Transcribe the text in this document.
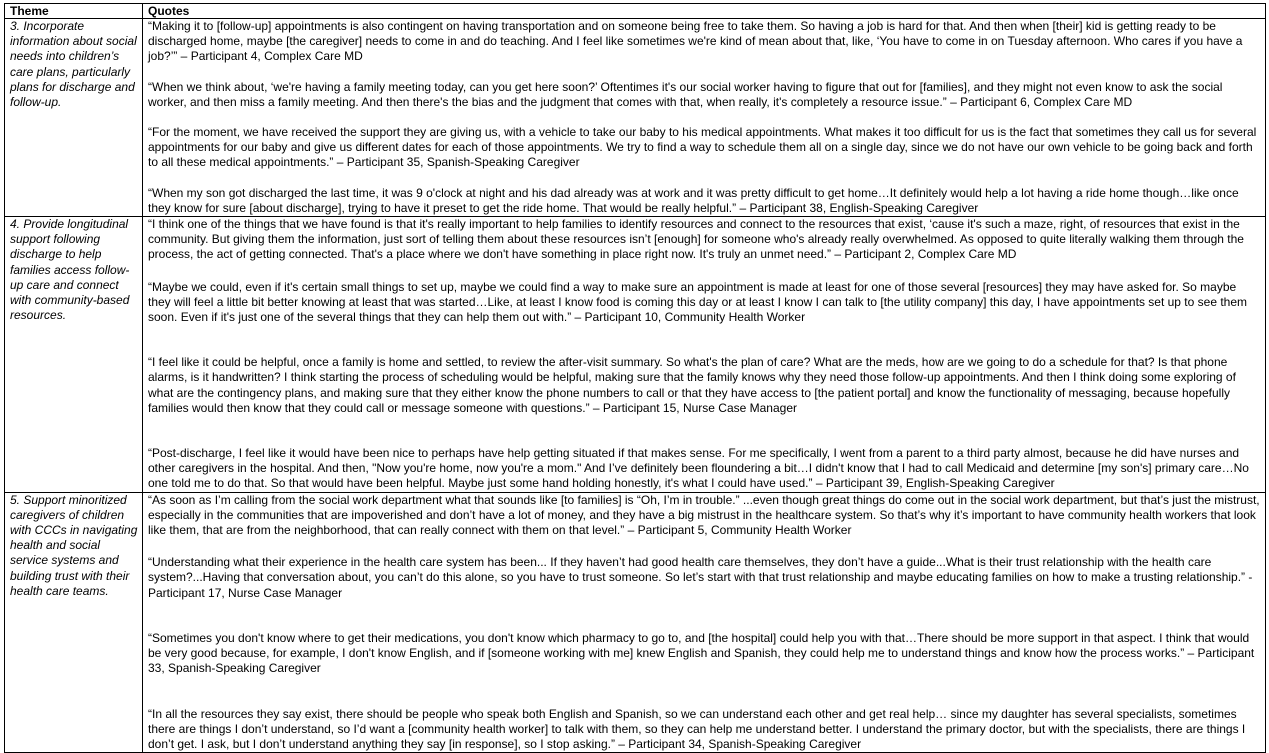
Theme	Quotes
3. Incorporate information about social needs into children’s care plans, particularly plans for discharge and follow-up.	“Making it to [follow-up] appointments is also contingent on having transportation and on someone being free to take them. So having a job is hard for that. And then when [their] kid is getting ready to be discharged home, maybe [the caregiver] needs to come in and do teaching. And I feel like sometimes we're kind of mean about that, like, ‘You have to come in on Tuesday afternoon. Who cares if you have a job?’” – Participant 4, Complex Care MD

“When we think about, ‘we're having a family meeting today, can you get here soon?’ Oftentimes it's our social worker having to figure that out for [families], and they might not even know to ask the social worker, and then miss a family meeting. And then there's the bias and the judgment that comes with that, when really, it's completely a resource issue.” – Participant 6, Complex Care MD

“For the moment, we have received the support they are giving us, with a vehicle to take our baby to his medical appointments. What makes it too difficult for us is the fact that sometimes they call us for several appointments for our baby and give us different dates for each of those appointments. We try to find a way to schedule them all on a single day, since we do not have our own vehicle to be going back and forth to all these medical appointments.” – Participant 35, Spanish-Speaking Caregiver

“When my son got discharged the last time, it was 9 o'clock at night and his dad already was at work and it was pretty difficult to get home…It definitely would help a lot having a ride home though…like once they know for sure [about discharge], trying to have it preset to get the ride home. That would be really helpful.” – Participant 38, English-Speaking Caregiver

4. Provide longitudinal support following discharge to help families access follow-up care and connect with community-based resources.	“I think one of the things that we have found is that it's really important to help families to identify resources and connect to the resources that exist, ‘cause it's such a maze, right, of resources that exist in the community. But giving them the information, just sort of telling them about these resources isn’t [enough] for someone who's already really overwhelmed. As opposed to quite literally walking them through the process, the act of getting connected. That's a place where we don't have something in place right now. It's truly an unmet need.” – Participant 2, Complex Care MD

“Maybe we could, even if it's certain small things to set up, maybe we could find a way to make sure an appointment is made at least for one of those several [resources] they may have asked for. So maybe they will feel a little bit better knowing at least that was started…Like, at least I know food is coming this day or at least I know I can talk to [the utility company] this day, I have appointments set up to see them soon. Even if it's just one of the several things that they can help them out with.” – Participant 10, Community Health Worker

“I feel like it could be helpful, once a family is home and settled, to review the after-visit summary. So what's the plan of care? What are the meds, how are we going to do a schedule for that? Is that phone alarms, is it handwritten? I think starting the process of scheduling would be helpful, making sure that the family knows why they need those follow-up appointments. And then I think doing some exploring of what are the contingency plans, and making sure that they either know the phone numbers to call or that they have access to [the patient portal] and know the functionality of messaging, because hopefully families would then know that they could call or message someone with questions.” – Participant 15, Nurse Case Manager

“Post-discharge, I feel like it would have been nice to perhaps have help getting situated if that makes sense. For me specifically, I went from a parent to a third party almost, because he did have nurses and other caregivers in the hospital. And then, "Now you're home, now you're a mom." And I’ve definitely been floundering a bit…I didn't know that I had to call Medicaid and determine [my son's] primary care…No one told me to do that. So that would have been helpful. Maybe just some hand holding honestly, it's what I could have used.” – Participant 39, English-Speaking Caregiver

5. Support minoritized caregivers of children with CCCs in navigating health and social service systems and building trust with their health care teams.	“As soon as I’m calling from the social work department what that sounds like [to families] is “Oh, I’m in trouble.” ...even though great things do come out in the social work department, but that’s just the mistrust, especially in the communities that are impoverished and don’t have a lot of money, and they have a big mistrust in the healthcare system. So that’s why it’s important to have community health workers that look like them, that are from the neighborhood, that can really connect with them on that level.” – Participant 5, Community Health Worker

“Understanding what their experience in the health care system has been... If they haven’t had good health care themselves, they don’t have a guide...What is their trust relationship with the health care system?...Having that conversation about, you can’t do this alone, so you have to trust someone. So let’s start with that trust relationship and maybe educating families on how to make a trusting relationship.” - Participant 17, Nurse Case Manager

“Sometimes you don't know where to get their medications, you don't know which pharmacy to go to, and [the hospital] could help you with that…There should be more support in that aspect. I think that would be very good because, for example, I don't know English, and if [someone working with me] knew English and Spanish, they could help me to understand things and know how the process works.” – Participant 33, Spanish-Speaking Caregiver

“In all the resources they say exist, there should be people who speak both English and Spanish, so we can understand each other and get real help… since my daughter has several specialists, sometimes there are things I don’t understand, so I’d want a [community health worker] to talk with them, so they can help me understand better. I understand the primary doctor, but with the specialists, there are things I don’t get. I ask, but I don’t understand anything they say [in response], so I stop asking.” – Participant 34, Spanish-Speaking Caregiver
